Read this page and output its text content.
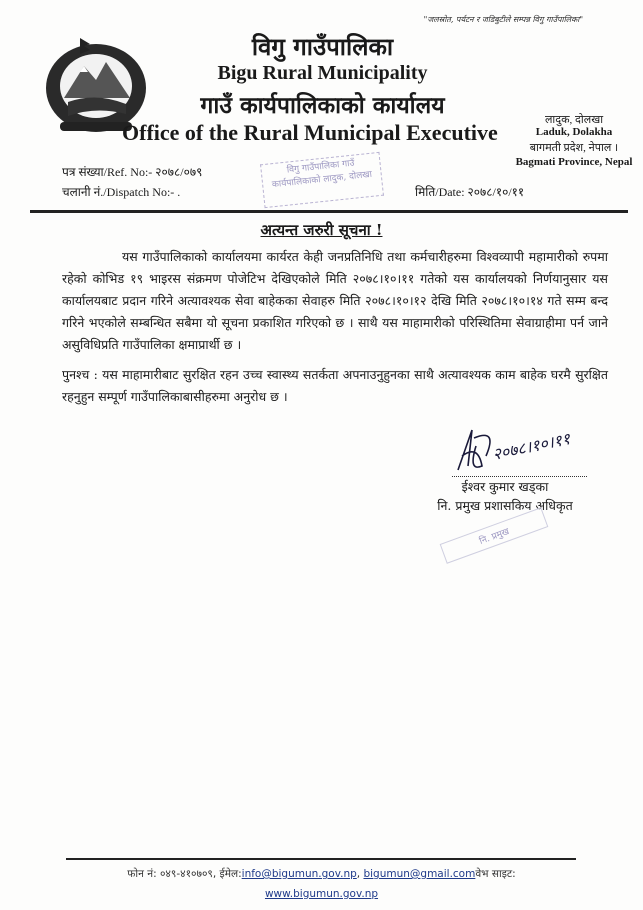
"जलस्रोत, पर्यटन र जडिबुटीले सम्पन्न विगु गाउँपालिका"
विगु गाउँपालिका
Bigu Rural Municipality
गाउँ कार्यपालिकाको कार्यालय
Office of the Rural Municipal Executive	लादुक, दोलखा
Laduk, Dolakha
बागमती प्रदेश, नेपाल ।
Bagmati Province, Nepal
पत्र संख्या/Ref. No:- २०७८/०७९
चलानी नं./Dispatch No:- .	मिति/Date: २०७८/१०/११
विगु गाउँपालिका गाउँ कार्यपालिकाको लादुक, दोलखा
अत्यन्त जरुरी सूचना !

यस गाउँपालिकाको कार्यालयमा कार्यरत केही जनप्रतिनिधि तथा कर्मचारीहरुमा विश्वव्यापी महामारीको रुपमा रहेको कोभिड १९ भाइरस संक्रमण पोजेटिभ देखिएकोले मिति २०७८।१०।११ गतेको यस कार्यालयको निर्णयानुसार यस कार्यालयबाट प्रदान गरिने अत्यावश्यक सेवा बाहेकका सेवाहरु मिति २०७८।१०।१२ देखि मिति २०७८।१०।१४ गते सम्म बन्द गरिने भएकोले सम्बन्धित सबैमा यो सूचना प्रकाशित गरिएको छ । साथै यस माहामारीको परिस्थितिमा सेवाग्राहीमा पर्न जाने असुविधिप्रति गाउँपालिका क्षमाप्रार्थी छ ।

पुनश्च : यस माहामारीबाट सुरक्षित रहन उच्च स्वास्थ्य सतर्कता अपनाउनुहुनका साथै अत्यावश्यक काम बाहेक घरमै सुरक्षित रहनुहुन सम्पूर्ण गाउँपालिकाबासीहरुमा अनुरोध छ ।

२०७८।१०।११
ईश्वर कुमार खड्का
नि. प्रमुख प्रशासकिय अधिकृत
नि. प्रमुख
फोन नं: ०४९-४१०७०९, ईमेल:info@bigumun.gov.np, bigumun@gmail.comवेभ साइट:
www.bigumun.gov.np
